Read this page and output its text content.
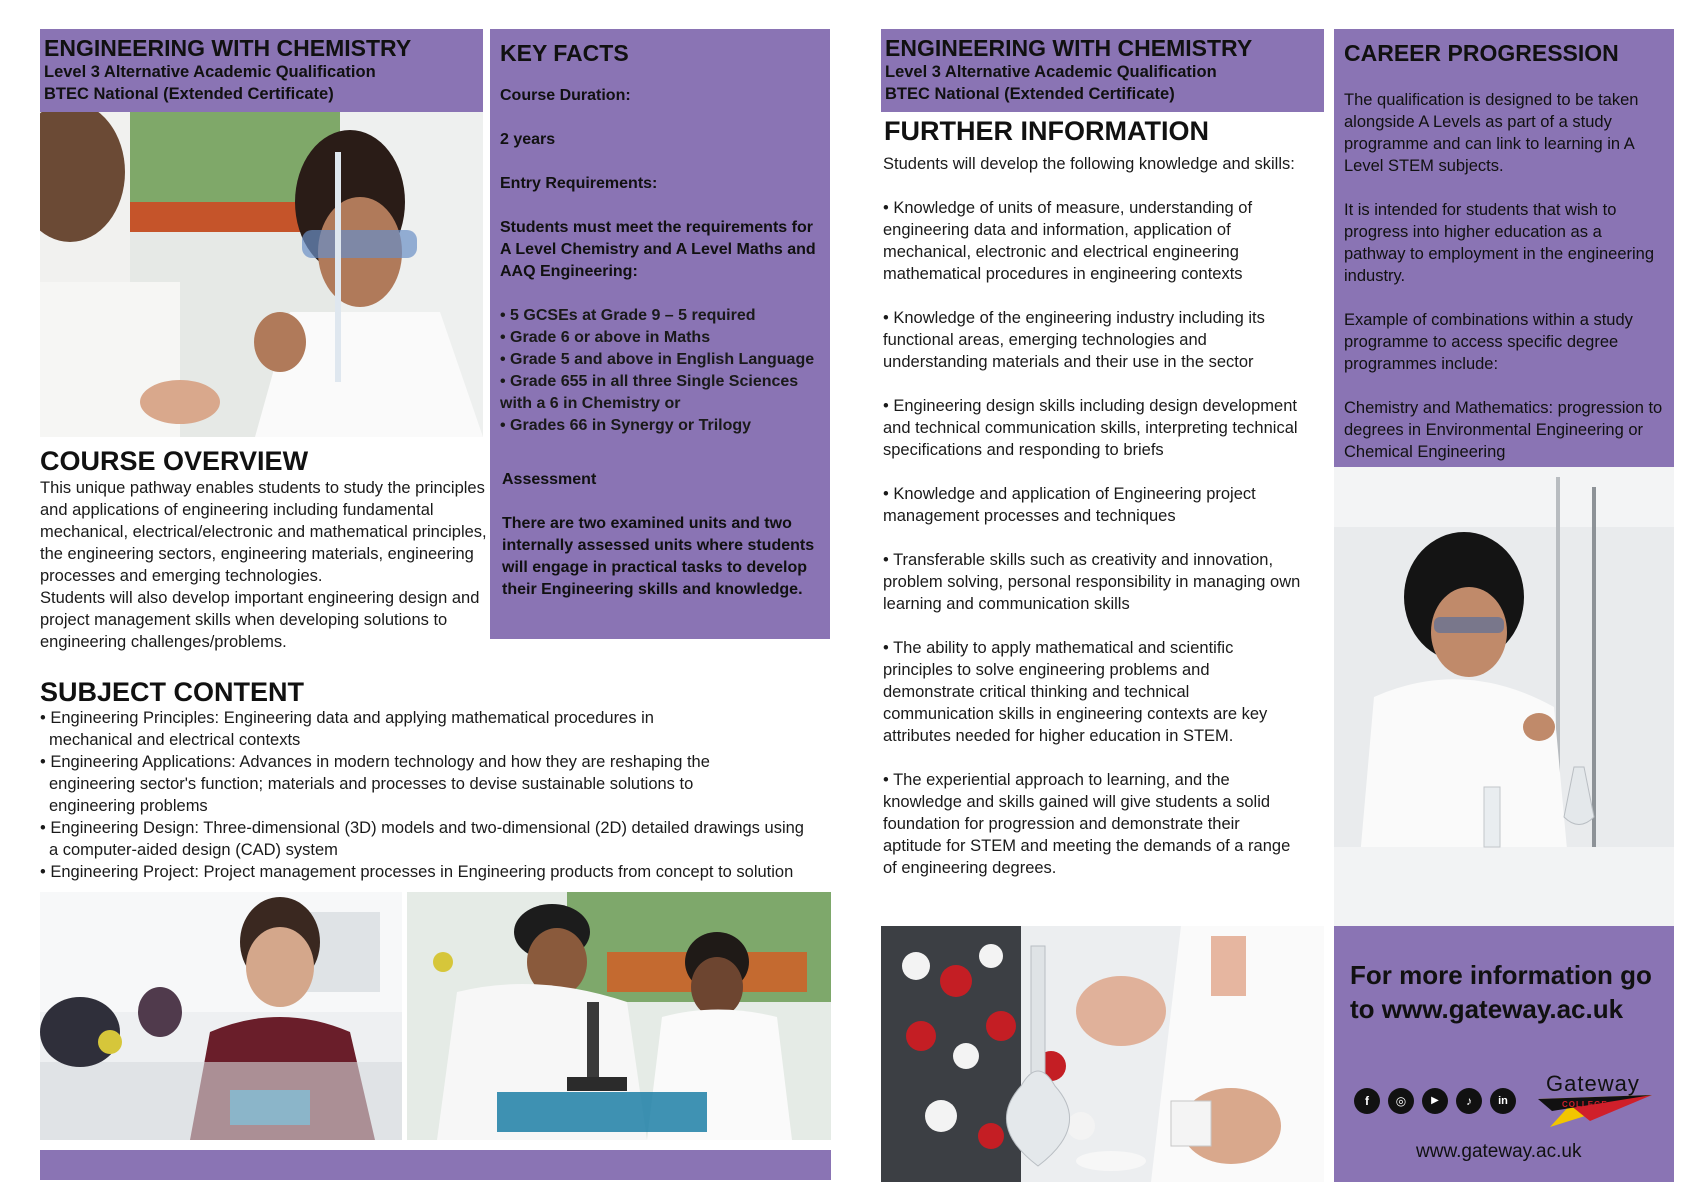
ENGINEERING WITH CHEMISTRY
Level 3 Alternative Academic Qualification
BTEC National (Extended Certificate)
COURSE OVERVIEW
This unique pathway enables students to study the principles and applications of engineering including fundamental mechanical, electrical/electronic and mathematical principles, the engineering sectors, engineering materials, engineering processes and emerging technologies.
Students will also develop important engineering design and project management skills when developing solutions to engineering challenges/problems.
SUBJECT CONTENT
• Engineering Principles: Engineering data and applying mathematical procedures in mechanical and electrical contexts
• Engineering Applications: Advances in modern technology and how they are reshaping the engineering sector's function; materials and processes to devise sustainable solutions to engineering problems
• Engineering Design: Three-dimensional (3D) models and two-dimensional (2D) detailed drawings using a computer-aided design (CAD) system
• Engineering Project: Project management processes in Engineering products from concept to solution
KEY FACTS
Course Duration:
2 years
Entry Requirements:
Students must meet the requirements for A Level Chemistry and A Level Maths and AAQ Engineering:
• 5 GCSEs at Grade 9 – 5 required
• Grade 6 or above in Maths
• Grade 5 and above in English Language
• Grade 655 in all three Single Sciences with a 6 in Chemistry or
• Grades 66 in Synergy or Trilogy
Assessment
There are two examined units and two internally assessed units where students will engage in practical tasks to develop their Engineering skills and knowledge.
ENGINEERING WITH CHEMISTRY
Level 3 Alternative Academic Qualification
BTEC National (Extended Certificate)
FURTHER INFORMATION
Students will develop the following knowledge and skills:
• Knowledge of units of measure, understanding of engineering data and information, application of mechanical, electronic and electrical engineering mathematical procedures in engineering contexts
• Knowledge of the engineering industry including its functional areas, emerging technologies and understanding materials and their use in the sector
• Engineering design skills including design development and technical communication skills, interpreting technical specifications and responding to briefs
• Knowledge and application of Engineering project management processes and techniques
• Transferable skills such as creativity and innovation, problem solving, personal responsibility in managing own learning and communication skills
• The ability to apply mathematical and scientific principles to solve engineering problems and demonstrate critical thinking and technical communication skills in engineering contexts are key attributes needed for higher education in STEM.
• The experiential approach to learning, and the knowledge and skills gained will give students a solid foundation for progression and demonstrate their aptitude for STEM and meeting the demands of a range of engineering degrees.
CAREER PROGRESSION

The qualification is designed to be taken alongside A Levels as part of a study programme and can link to learning in A Level STEM subjects.

It is intended for students that wish to progress into higher education as a pathway to employment in the engineering industry.

Example of combinations within a study programme to access specific degree programmes include:

Chemistry and Mathematics: progression to degrees in Environmental Engineering or Chemical Engineering

For more information go to www.gateway.ac.uk
f	◎	▶	♪	in
Gateway
COLLEGE
www.gateway.ac.uk
